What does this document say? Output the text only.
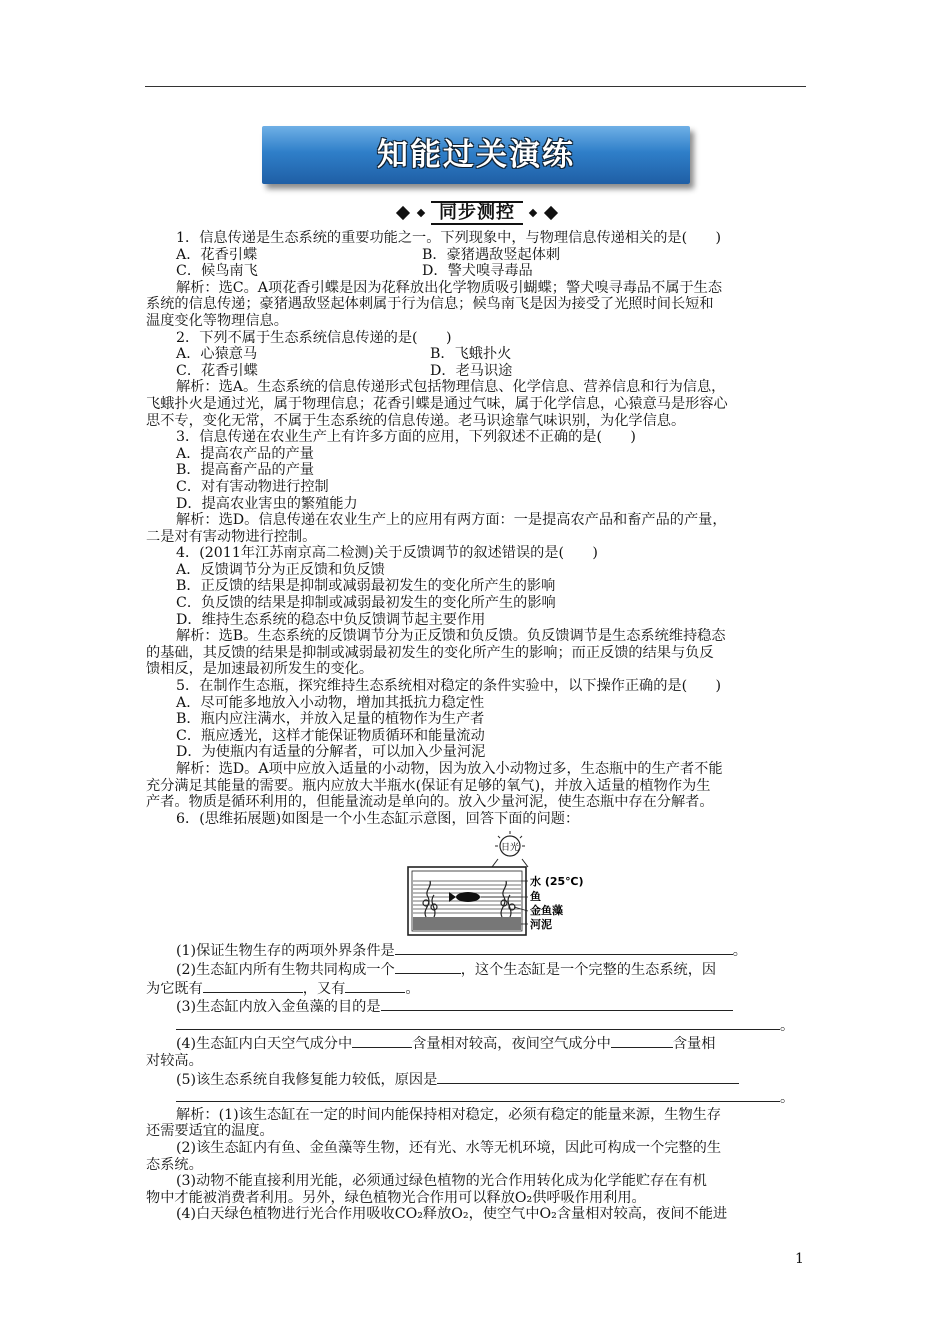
知能过关演练
同步测控

1．信息传递是生态系统的重要功能之一。下列现象中，与物理信息传递相关的是(　　)

A．花香引蝶	B．豪猪遇敌竖起体刺
C．候鸟南飞	D．警犬嗅寻毒品

解析：选C。A项花香引蝶是因为花释放出化学物质吸引蝴蝶；警犬嗅寻毒品不属于生态

系统的信息传递；豪猪遇敌竖起体刺属于行为信息；候鸟南飞是因为接受了光照时间长短和

温度变化等物理信息。

2．下列不属于生态系统信息传递的是(　　)

A．心猿意马	B．飞蛾扑火
C．花香引蝶	D．老马识途

解析：选A。生态系统的信息传递形式包括物理信息、化学信息、营养信息和行为信息，

飞蛾扑火是通过光，属于物理信息；花香引蝶是通过气味，属于化学信息，心猿意马是形容心

思不专，变化无常，不属于生态系统的信息传递。老马识途靠气味识别，为化学信息。

3．信息传递在农业生产上有许多方面的应用，下列叙述不正确的是(　　)

A．提高农产品的产量

B．提高畜产品的产量

C．对有害动物进行控制

D．提高农业害虫的繁殖能力

解析：选D。信息传递在农业生产上的应用有两方面：一是提高农产品和畜产品的产量，

二是对有害动物进行控制。

4．(2011年江苏南京高二检测)关于反馈调节的叙述错误的是(　　)

A．反馈调节分为正反馈和负反馈

B．正反馈的结果是抑制或减弱最初发生的变化所产生的影响

C．负反馈的结果是抑制或减弱最初发生的变化所产生的影响

D．维持生态系统的稳态中负反馈调节起主要作用

解析：选B。生态系统的反馈调节分为正反馈和负反馈。负反馈调节是生态系统维持稳态

的基础，其反馈的结果是抑制或减弱最初发生的变化所产生的影响；而正反馈的结果与负反

馈相反，是加速最初所发生的变化。

5．在制作生态瓶，探究维持生态系统相对稳定的条件实验中，以下操作正确的是(　　)

A．尽可能多地放入小动物，增加其抵抗力稳定性

B．瓶内应注满水，并放入足量的植物作为生产者

C．瓶应透光，这样才能保证物质循环和能量流动

D．为使瓶内有适量的分解者，可以加入少量河泥

解析：选D。A项中应放入适量的小动物，因为放入小动物过多，生态瓶中的生产者不能

充分满足其能量的需要。瓶内应放大半瓶水(保证有足够的氧气)，并放入适量的植物作为生

产者。物质是循环利用的，但能量流动是单向的。放入少量河泥，使生态瓶中存在分解者。

6．(思维拓展题)如图是一个小生态缸示意图，回答下面的问题：

日光
水 (25℃)
鱼
金鱼藻
河泥

(1)保证生物生存的两项外界条件是	。

(2)生态缸内所有生物共同构成一个	，这个生态缸是一个完整的生态系统，因

为它既有	，又有	。

(3)生态缸内放入金鱼藻的目的是

。

(4)生态缸内白天空气成分中	含量相对较高，夜间空气成分中	含量相

对较高。

(5)该生态系统自我修复能力较低，原因是

。

解析：(1)该生态缸在一定的时间内能保持相对稳定，必须有稳定的能量来源，生物生存

还需要适宜的温度。

(2)该生态缸内有鱼、金鱼藻等生物，还有光、水等无机环境，因此可构成一个完整的生

态系统。

(3)动物不能直接利用光能，必须通过绿色植物的光合作用转化成为化学能贮存在有机

物中才能被消费者利用。另外，绿色植物光合作用可以释放O₂供呼吸作用利用。

(4)白天绿色植物进行光合作用吸收CO₂释放O₂，使空气中O₂含量相对较高，夜间不能进

1
